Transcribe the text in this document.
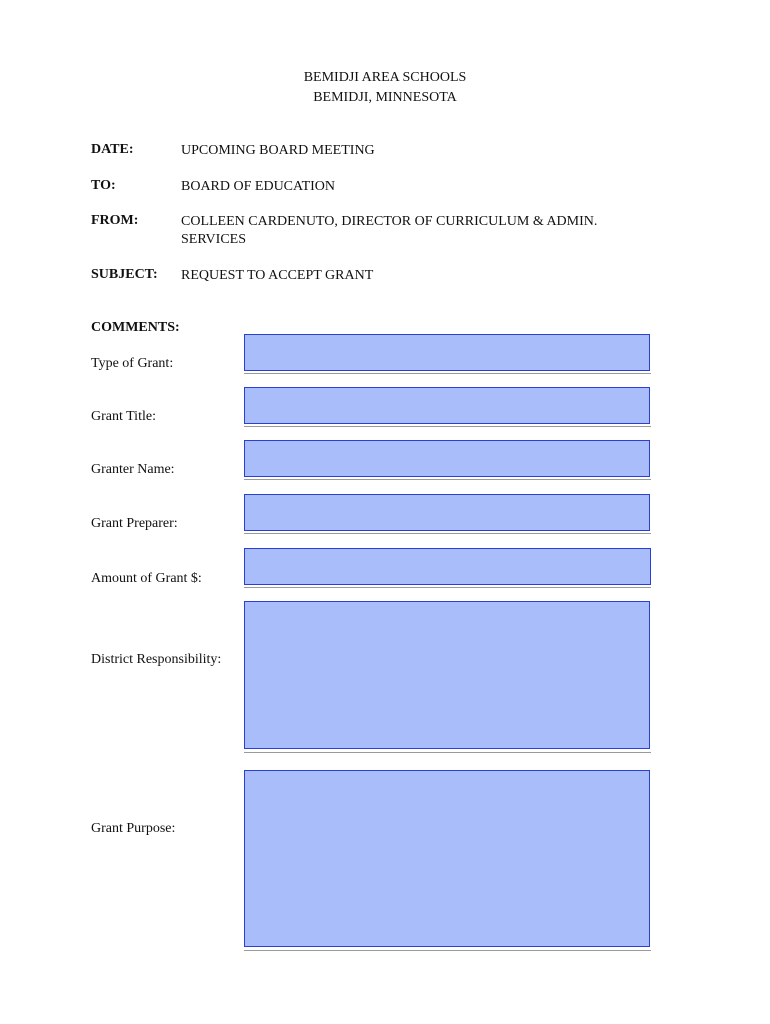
BEMIDJI AREA SCHOOLS
BEMIDJI, MINNESOTA
DATE:	UPCOMING BOARD MEETING
TO:	BOARD OF EDUCATION
FROM:	COLLEEN CARDENUTO, DIRECTOR OF CURRICULUM & ADMIN.
SERVICES
SUBJECT: REQUEST TO ACCEPT GRANT
COMMENTS:
Type of Grant:
Grant Title:
Granter Name:
Grant Preparer:
Amount of Grant $:
District Responsibility:
Grant Purpose:
